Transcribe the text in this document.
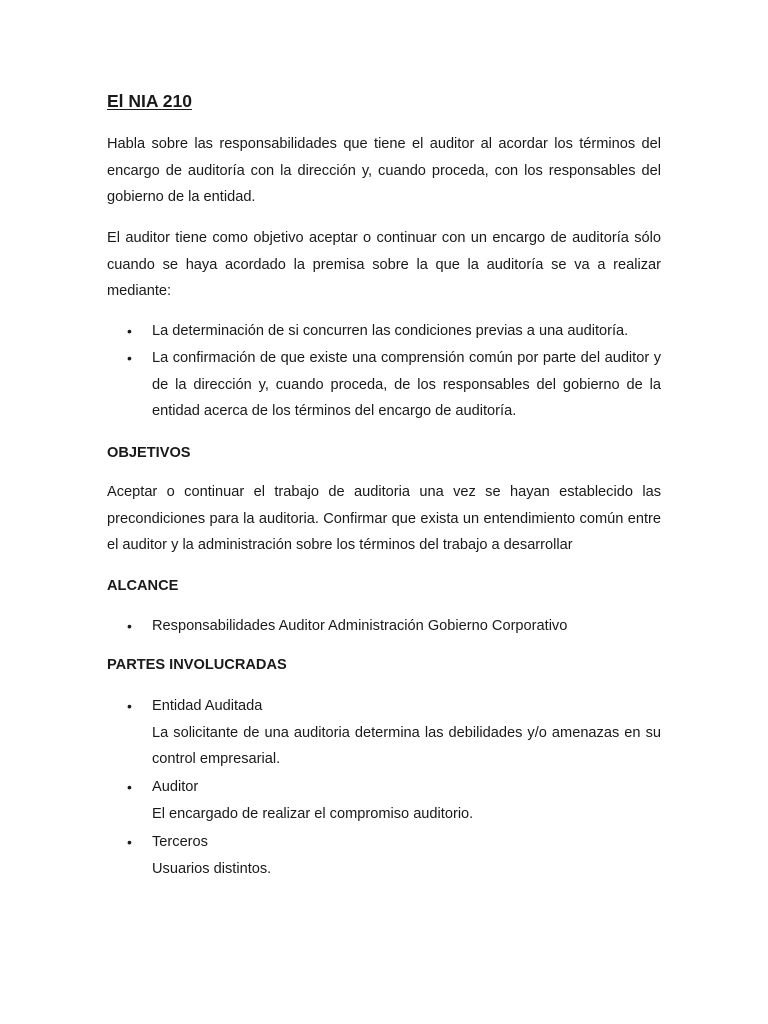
El NIA 210

Habla sobre las responsabilidades que tiene el auditor al acordar los términos del encargo de auditoría con la dirección y, cuando proceda, con los responsables del gobierno de la entidad.

El auditor tiene como objetivo aceptar o continuar con un encargo de auditoría sólo cuando se haya acordado la premisa sobre la que la auditoría se va a realizar mediante:

• La determinación de si concurren las condiciones previas a una auditoría.

• La confirmación de que existe una comprensión común por parte del auditor y de la dirección y, cuando proceda, de los responsables del gobierno de la entidad acerca de los términos del encargo de auditoría.

OBJETIVOS

Aceptar o continuar el trabajo de auditoria una vez se hayan establecido las precondiciones para la auditoria. Confirmar que exista un entendimiento común entre el auditor y la administración sobre los términos del trabajo a desarrollar

ALCANCE
• Responsabilidades Auditor Administración Gobierno Corporativo

PARTES INVOLUCRADAS
• Entidad Auditada
La solicitante de una auditoria determina las debilidades y/o amenazas en su control empresarial.
• Auditor
El encargado de realizar el compromiso auditorio.
• Terceros
Usuarios distintos.
